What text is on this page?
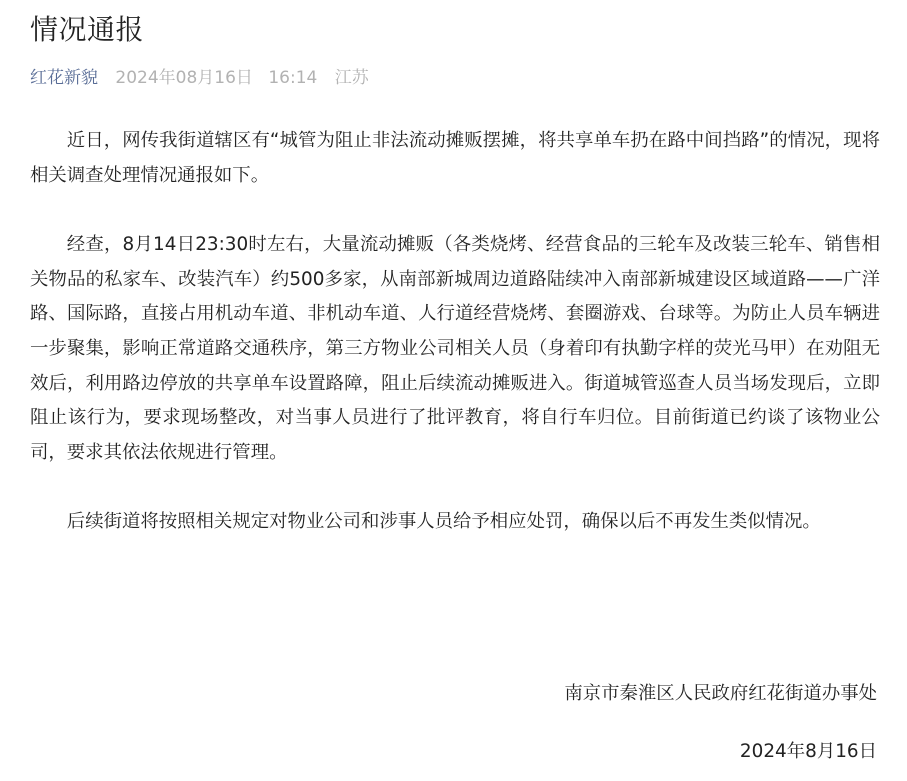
情况通报
红花新貌 2024年08月16日 16:14 江苏

近日，网传我街道辖区有“城管为阻止非法流动摊贩摆摊，将共享单车扔在路中间挡路”的情况，现将相关调查处理情况通报如下。

经查，8月14日23:30时左右，大量流动摊贩（各类烧烤、经营食品的三轮车及改装三轮车、销售相关物品的私家车、改装汽车）约500多家，从南部新城周边道路陆续冲入南部新城建设区域道路——广洋路、国际路，直接占用机动车道、非机动车道、人行道经营烧烤、套圈游戏、台球等。为防止人员车辆进一步聚集，影响正常道路交通秩序，第三方物业公司相关人员（身着印有执勤字样的荧光马甲）在劝阻无效后，利用路边停放的共享单车设置路障，阻止后续流动摊贩进入。街道城管巡查人员当场发现后，立即阻止该行为，要求现场整改，对当事人员进行了批评教育，将自行车归位。目前街道已约谈了该物业公司，要求其依法依规进行管理。

后续街道将按照相关规定对物业公司和涉事人员给予相应处罚，确保以后不再发生类似情况。

南京市秦淮区人民政府红花街道办事处
2024年8月16日
